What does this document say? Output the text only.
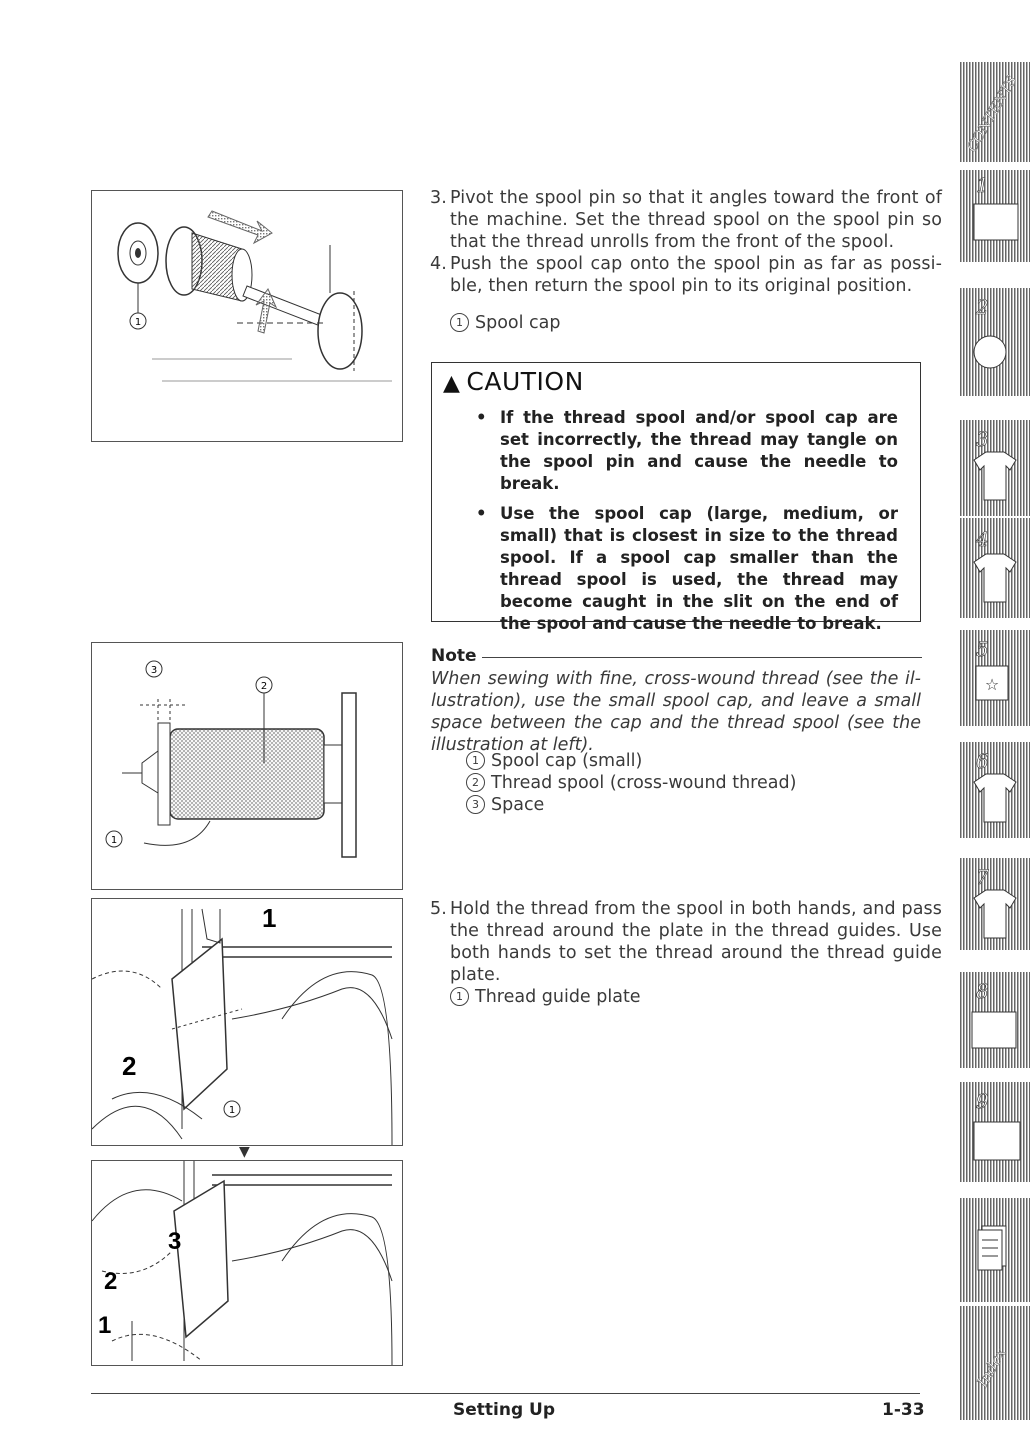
1
3. Pivot the spool pin so that it angles toward the front of the machine. Set the thread spool on the spool pin so that the thread unrolls from the front of the spool.
4. Push the spool cap onto the spool pin as far as possi-ble, then return the spool pin to its original position.
1 Spool cap
▲ CAUTION
• If the thread spool and/or spool cap are set incorrectly, the thread may tangle on the spool pin and cause the needle to break.
• Use the spool cap (large, medium, or small) that is closest in size to the thread spool. If a spool cap smaller than the thread spool is used, the thread may become caught in the slit on the end of the spool and cause the needle to break.
3
2
1
Note
When sewing with fine, cross-wound thread (see the il-lustration), use the small spool cap, and leave a small space between the cap and the thread spool (see the illustration at left).
1 Spool cap (small)
2 Thread spool (cross-wound thread)
3 Space
1
2
1
▼
3
2
1
5. Hold the thread from the spool in both hands, and pass the thread around the plate in the thread guides. Use both hands to set the thread around the thread guide plate.
1 Thread guide plate
CONTENTS
1
2
3
4
☆
5
6
7
8
9
Index
Setting Up	1-33
